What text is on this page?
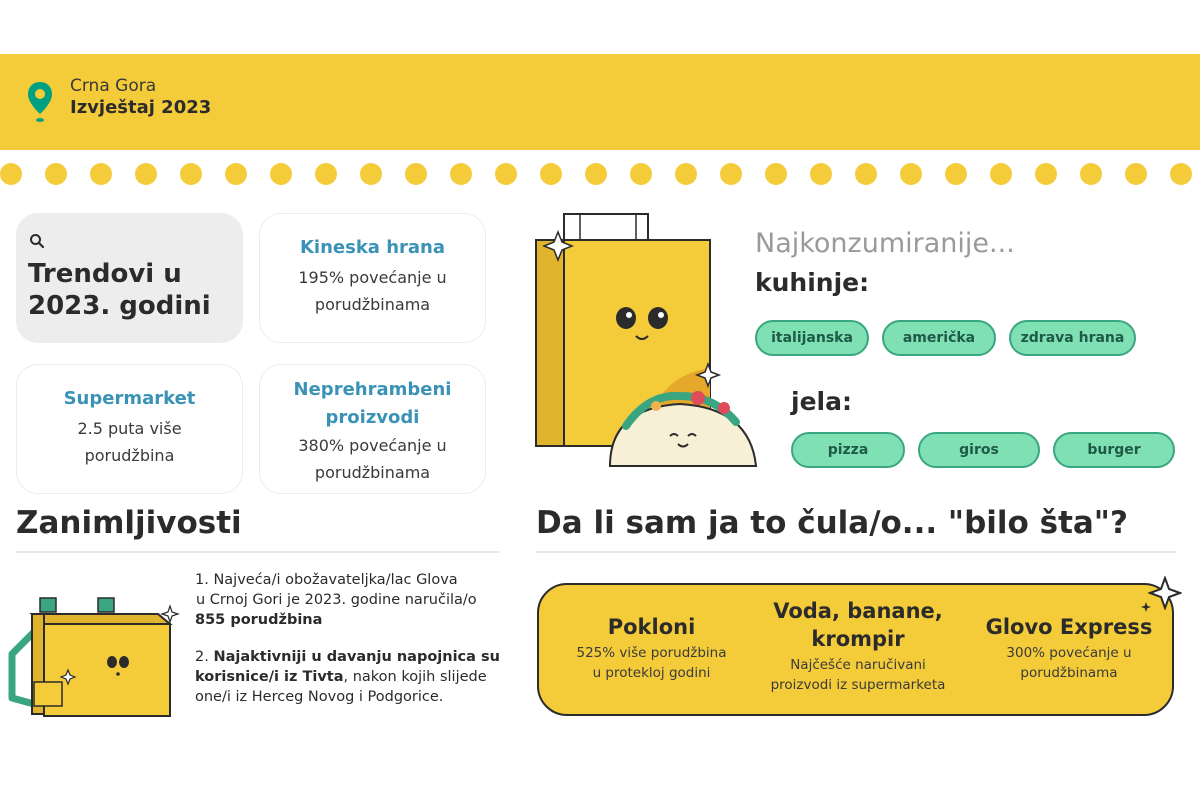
Crna Gora
Izvještaj 2023
Trendovi u
2023. godini
Kineska hrana
195% povećanje u
porudžbinama
Supermarket
2.5 puta više
porudžbina
Neprehrambeni
proizvodi
380% povećanje u
porudžbinama
Najkonzumiranije...
kuhinje:
italijanska	američka	zdrava hrana
jela:
pizza	giros	burger
Zanimljivosti
1. Najveća/i obožavateljka/lac Glova
u Crnoj Gori je 2023. godine naručila/o
855 porudžbina
2. Najaktivniji u davanju napojnica su
korisnice/i iz Tivta, nakon kojih slijede
one/i iz Herceg Novog i Podgorice.
Da li sam ja to čula/o... "bilo šta"?
Pokloni
525% više porudžbina
u protekloj godini
Voda, banane,
krompir
Najčešće naručivani
proizvodi iz supermarketa
Glovo Express
300% povećanje u
porudžbinama
